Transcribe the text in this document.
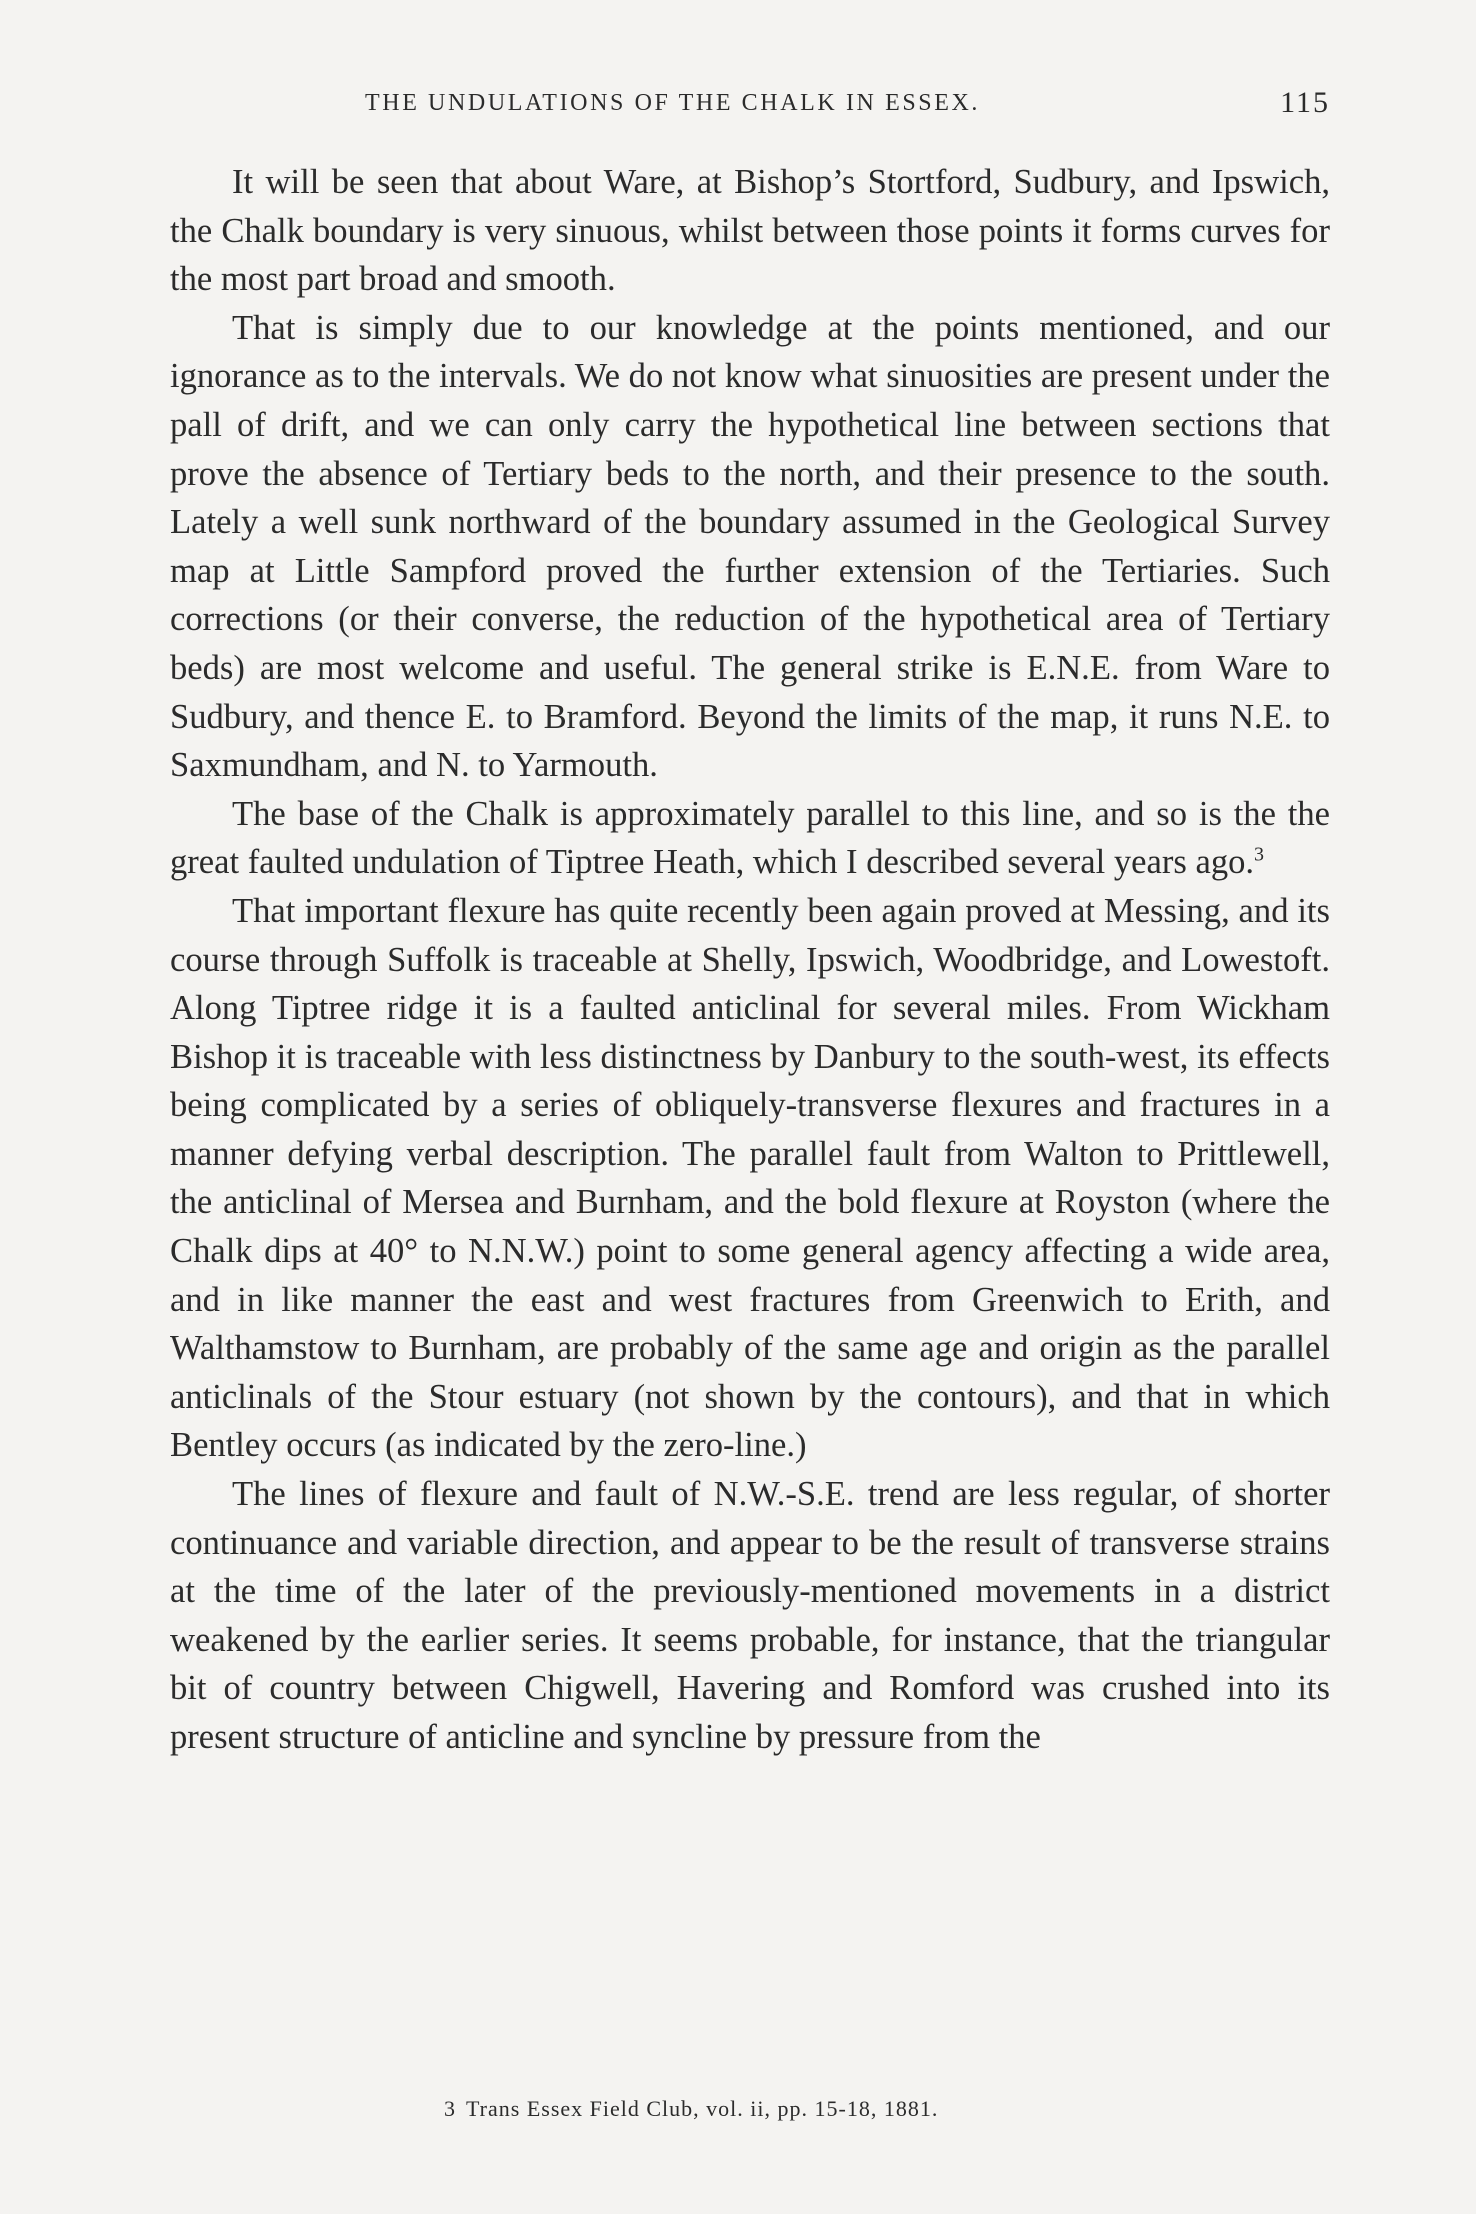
THE UNDULATIONS OF THE CHALK IN ESSEX.	115

It will be seen that about Ware, at Bishop’s Stortford, Sudbury, and Ipswich, the Chalk boundary is very sinuous, whilst between those points it forms curves for the most part broad and smooth.

That is simply due to our knowledge at the points mentioned, and our ignorance as to the intervals. We do not know what sinuosities are present under the pall of drift, and we can only carry the hypothetical line between sections that prove the absence of Tertiary beds to the north, and their presence to the south. Lately a well sunk northward of the boundary assumed in the Geological Survey map at Little Sampford proved the further extension of the Tertiaries. Such corrections (or their converse, the reduction of the hypothetical area of Tertiary beds) are most welcome and useful. The general strike is E.N.E. from Ware to Sudbury, and thence E. to Bramford. Beyond the limits of the map, it runs N.E. to Saxmundham, and N. to Yarmouth.

The base of the Chalk is approximately parallel to this line, and so is the the great faulted undulation of Tiptree Heath, which I described several years ago.$^3$

That important flexure has quite recently been again proved at Messing, and its course through Suffolk is traceable at Shelly, Ipswich, Woodbridge, and Lowestoft. Along Tiptree ridge it is a faulted anticlinal for several miles. From Wickham Bishop it is traceable with less distinctness by Danbury to the south-west, its effects being complicated by a series of obliquely-transverse flexures and fractures in a manner defying verbal description. The parallel fault from Walton to Prittlewell, the anticlinal of Mersea and Burnham, and the bold flexure at Royston (where the Chalk dips at 40° to N.N.W.) point to some general agency affecting a wide area, and in like manner the east and west fractures from Greenwich to Erith, and Walthamstow to Burnham, are probably of the same age and origin as the parallel anticlinals of the Stour estuary (not shown by the contours), and that in which Bentley occurs (as indicated by the zero-line.)

The lines of flexure and fault of N.W.-S.E. trend are less regular, of shorter continuance and variable direction, and appear to be the result of transverse strains at the time of the later of the previously-mentioned movements in a district weakened by the earlier series. It seems probable, for instance, that the triangular bit of country between Chigwell, Havering and Romford was crushed into its present structure of anticline and syncline by pressure from the

3 Trans Essex Field Club, vol. ii, pp. 15-18, 1881.
